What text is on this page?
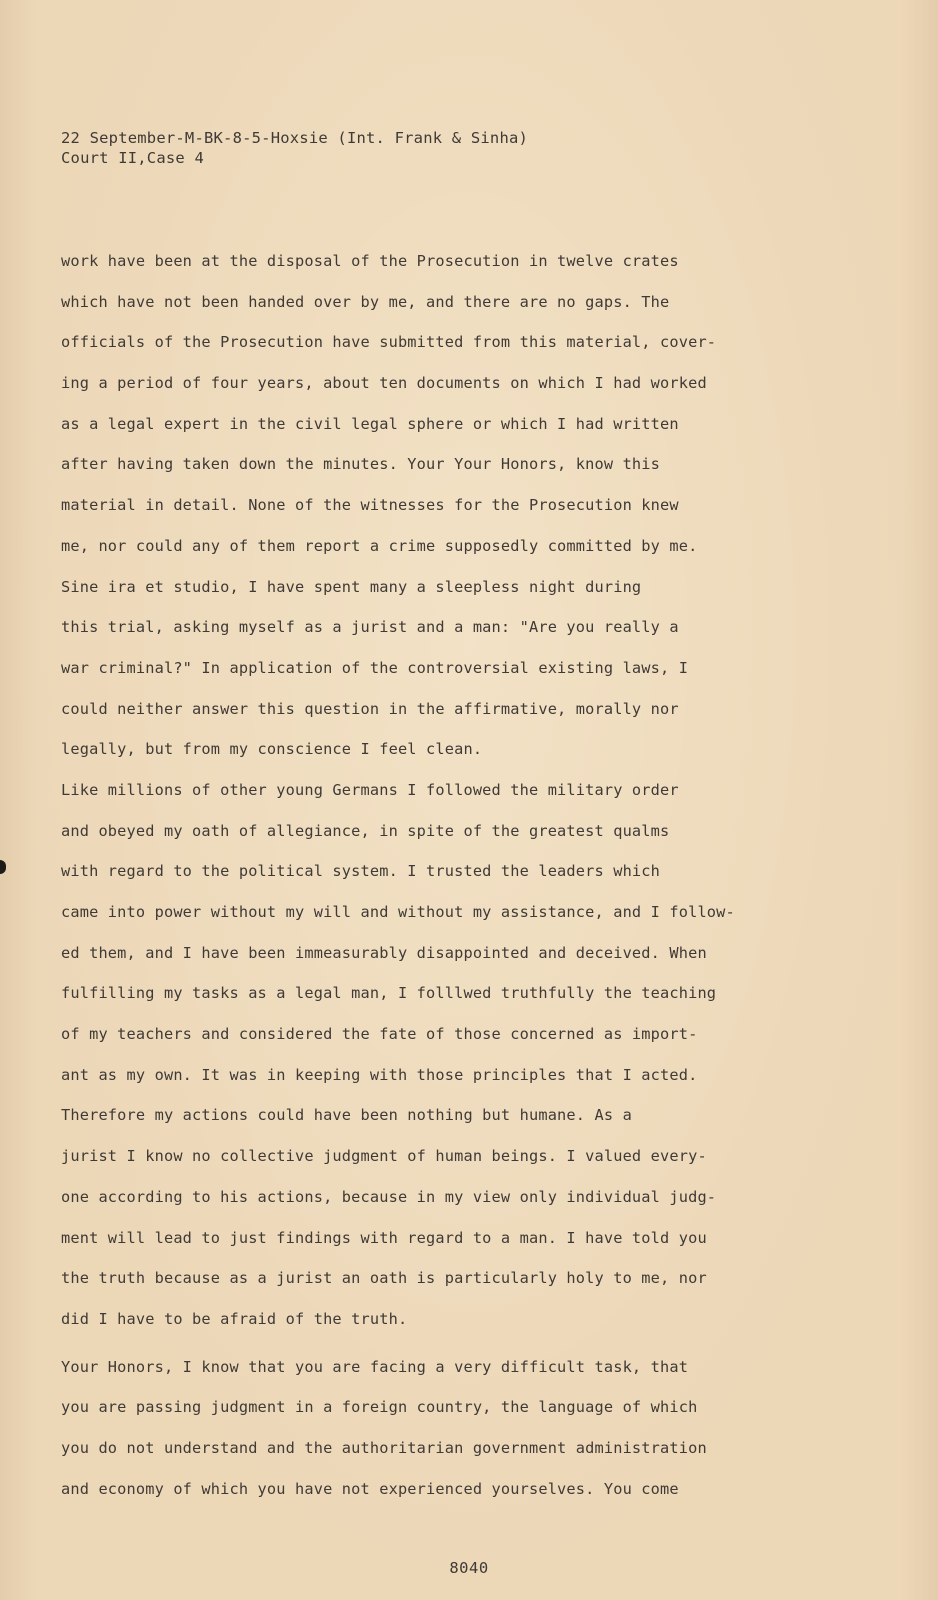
22 September-M-BK-8-5-Hoxsie (Int. Frank & Sinha)
Court II,Case 4
work have been at the disposal of the Prosecution in twelve crates
which have not been handed over by me, and there are no gaps. The
officials of the Prosecution have submitted from this material, cover-
ing a period of four years, about ten documents on which I had worked
as a legal expert in the civil legal sphere or which I had written
after having taken down the minutes. Your Your Honors, know this
material in detail. None of the witnesses for the Prosecution knew
me, nor could any of them report a crime supposedly committed by me.
Sine ira et studio, I have spent many a sleepless night during
this trial, asking myself as a jurist and a man: "Are you really a
war criminal?" In application of the controversial existing laws, I
could neither answer this question in the affirmative, morally nor
legally, but from my conscience I feel clean.
Like millions of other young Germans I followed the military order
and obeyed my oath of allegiance, in spite of the greatest qualms
with regard to the political system. I trusted the leaders which
came into power without my will and without my assistance, and I follow-
ed them, and I have been immeasurably disappointed and deceived. When
fulfilling my tasks as a legal man, I folllwed truthfully the teaching
of my teachers and considered the fate of those concerned as import-
ant as my own. It was in keeping with those principles that I acted.
Therefore my actions could have been nothing but humane. As a
jurist I know no collective judgment of human beings. I valued every-
one according to his actions, because in my view only individual judg-
ment will lead to just findings with regard to a man. I have told you
the truth because as a jurist an oath is particularly holy to me, nor
did I have to be afraid of the truth.
Your Honors, I know that you are facing a very difficult task, that
you are passing judgment in a foreign country, the language of which
you do not understand and the authoritarian government administration
and economy of which you have not experienced yourselves. You come
8040
